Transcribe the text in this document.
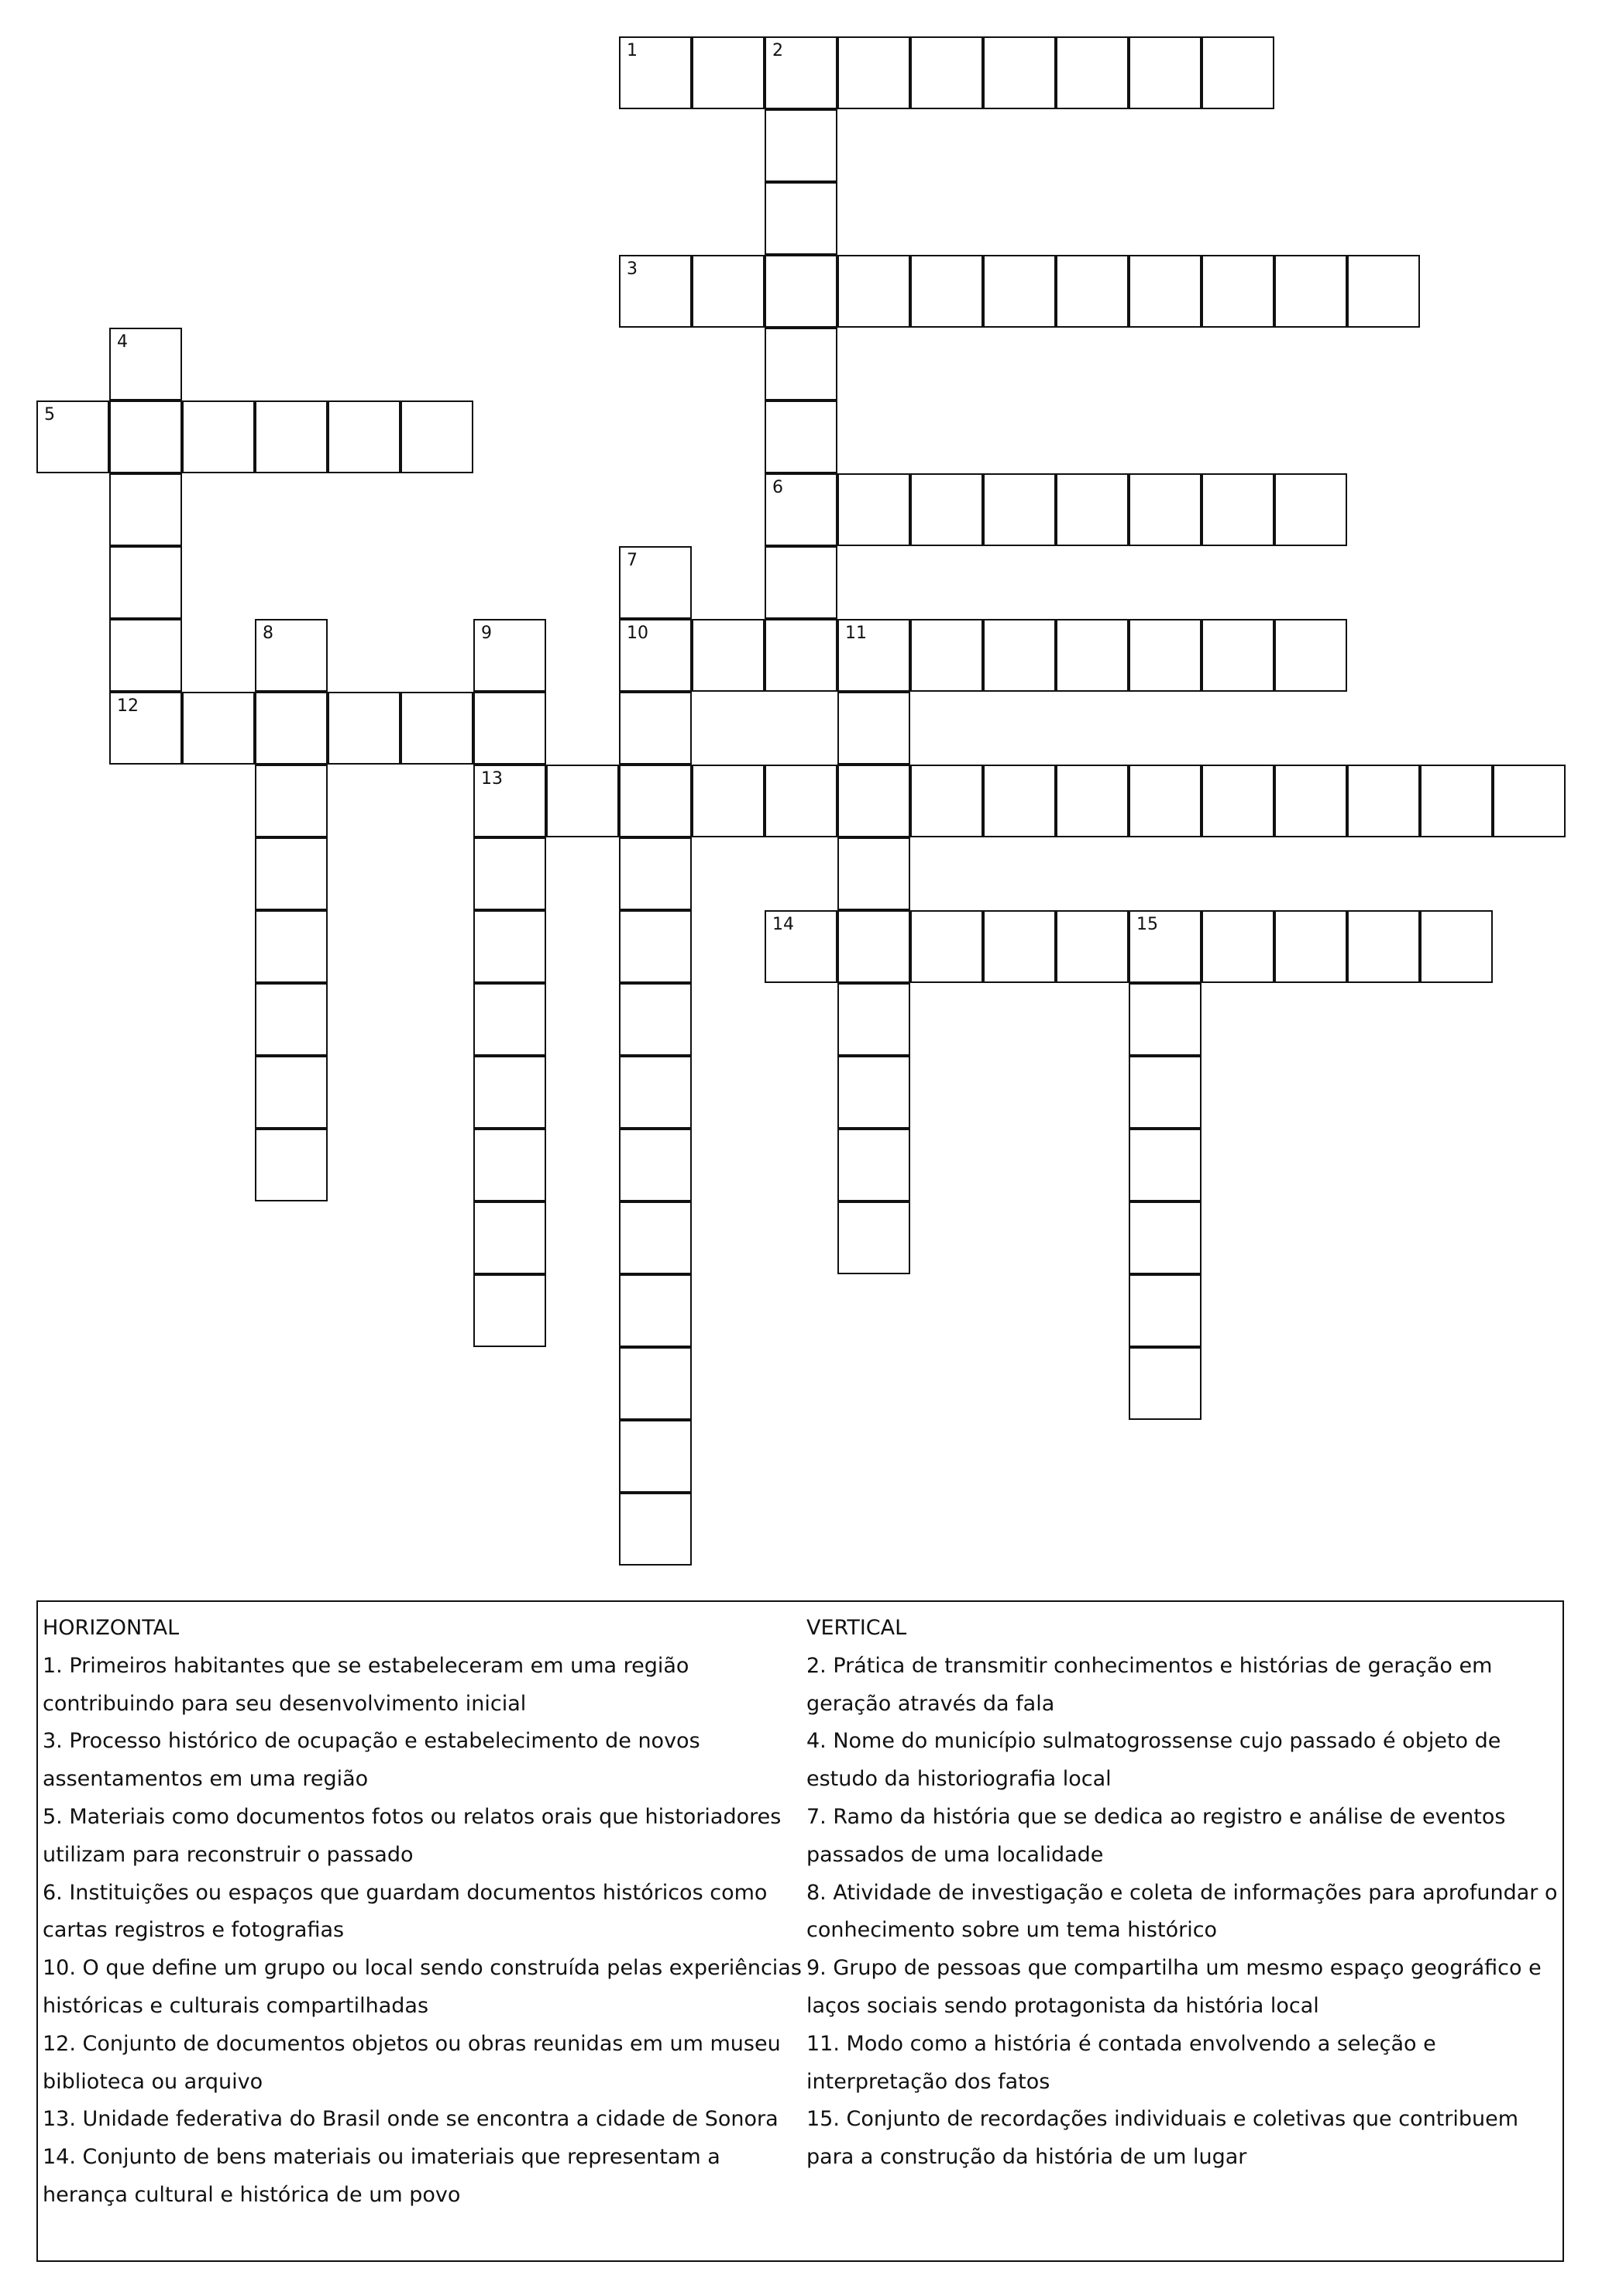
1	2
6
3
4
5
7
10
8	9
13
11
12
14	15
HORIZONTAL
1. Primeiros habitantes que se estabeleceram em uma região contribuindo para seu desenvolvimento inicial
3. Processo histórico de ocupação e estabelecimento de novos assentamentos em uma região
5. Materiais como documentos fotos ou relatos orais que historiadores utilizam para reconstruir o passado
6. Instituições ou espaços que guardam documentos históricos como cartas registros e fotografias
10. O que define um grupo ou local sendo construída pelas experiências históricas e culturais compartilhadas
12. Conjunto de documentos objetos ou obras reunidas em um museu biblioteca ou arquivo
13. Unidade federativa do Brasil onde se encontra a cidade de Sonora
14. Conjunto de bens materiais ou imateriais que representam a herança cultural e histórica de um povo
VERTICAL
2. Prática de transmitir conhecimentos e histórias de geração em geração através da fala
4. Nome do município sulmatogrossense cujo passado é objeto de estudo da historiografia local
7. Ramo da história que se dedica ao registro e análise de eventos passados de uma localidade
8. Atividade de investigação e coleta de informações para aprofundar o conhecimento sobre um tema histórico
9. Grupo de pessoas que compartilha um mesmo espaço geográfico e laços sociais sendo protagonista da história local
11. Modo como a história é contada envolvendo a seleção e interpretação dos fatos
15. Conjunto de recordações individuais e coletivas que contribuem para a construção da história de um lugar
